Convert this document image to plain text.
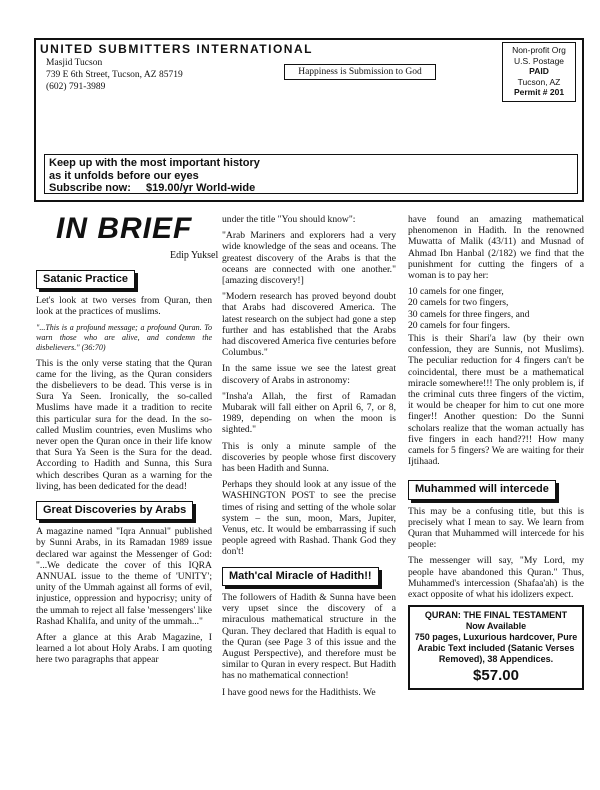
UNITED SUBMITTERS INTERNATIONAL
Masjid Tucson
739 E 6th Street, Tucson, AZ 85719
(602) 791-3989
Happiness is Submission to God
Non-profit Org
U.S. Postage
PAID
Tucson, AZ
Permit # 201
Keep up with the most important history
as it unfolds before our eyes
Subscribe now: $19.00/yr World-wide
IN BRIEF
Edip Yuksel
Satanic Practice

Let's look at two verses from Quran, then look at the practices of muslims.

"...This is a profound message; a profound Quran. To warn those who are alive, and condemn the disbelievers." (36:70)

This is the only verse stating that the Quran came for the living, as the Quran considers the disbelievers to be dead. This verse is in Sura Ya Seen. Ironically, the so-called Muslims have made it a tradition to recite this particular sura for the dead. In the so-called Muslim countries, even Muslims who never open the Quran once in their life know that Sura Ya Seen is the Sura for the dead. According to Hadith and Sunna, this Sura which describes Quran as a warning for the living, has been dedicated for the dead!

Great Discoveries by Arabs

A magazine named "Iqra Annual" published by Sunni Arabs, in its Ramadan 1989 issue declared war against the Messenger of God: "...We dedicate the cover of this IQRA ANNUAL issue to the theme of 'UNITY'; unity of the Ummah against all forms of evil, injustice, oppression and hypocrisy; unity of the ummah to reject all false 'messengers' like Rashad Khalifa, and unity of the ummah..."

After a glance at this Arab Magazine, I learned a lot about Holy Arabs. I am quoting here two paragraphs that appear

under the title "You should know":

"Arab Mariners and explorers had a very wide knowledge of the seas and oceans. The greatest discovery of the Arabs is that the oceans are connected with one another." [amazing discovery!]

"Modern research has proved beyond doubt that Arabs had discovered America. The latest research on the subject had gone a step further and has established that the Arabs had discovered America five centuries before Columbus."

In the same issue we see the latest great discovery of Arabs in astronomy:

"Insha'a Allah, the first of Ramadan Mubarak will fall either on April 6, 7, or 8, 1989, depending on when the moon is sighted."

This is only a minute sample of the discoveries by people whose first discovery has been Hadith and Sunna.

Perhaps they should look at any issue of the WASHINGTON POST to see the precise times of rising and setting of the whole solar system – the sun, moon, Mars, Jupiter, Venus, etc. It would be embarrassing if such people agreed with Rashad. Thank God they don't!

Math'cal Miracle of Hadith!!

The followers of Hadith & Sunna have been very upset since the discovery of a miraculous mathematical structure in the Quran. They declared that Hadith is equal to the Quran (see Page 3 of this issue and the August Perspective), and therefore must be similar to Quran in every respect. But Hadith has no mathematical connection!

I have good news for the Hadithists. We

have found an amazing mathematical phenomenon in Hadith. In the renowned Muwatta of Malik (43/11) and Musnad of Ahmad Ibn Hanbal (2/182) we find that the punishment for cutting the fingers of a woman is to pay her:

10 camels for one finger,
20 camels for two fingers,
30 camels for three fingers, and
20 camels for four fingers.

This is their Shari'a law (by their own confession, they are Sunnis, not Muslims). The peculiar reduction for 4 fingers can't be coincidental, there must be a mathematical miracle somewhere!!! The only problem is, if the criminal cuts three fingers of the victim, it would be cheaper for him to cut one more finger!! Another question: Do the Sunni scholars realize that the woman actually has five fingers in each hand??!! How many camels for 5 fingers? We are waiting for their Ijtihaad.

Muhammed will intercede

This may be a confusing title, but this is precisely what I mean to say. We learn from Quran that Muhammed will intercede for his people:

The messenger will say, "My Lord, my people have abandoned this Quran." Thus, Muhammed's intercession (Shafaa'ah) is the exact opposite of what his idolizers expect.

QURAN: THE FINAL TESTAMENT
Now Available
750 pages, Luxurious hardcover, Pure Arabic Text included (Satanic Verses Removed), 38 Appendices.
$57.00
